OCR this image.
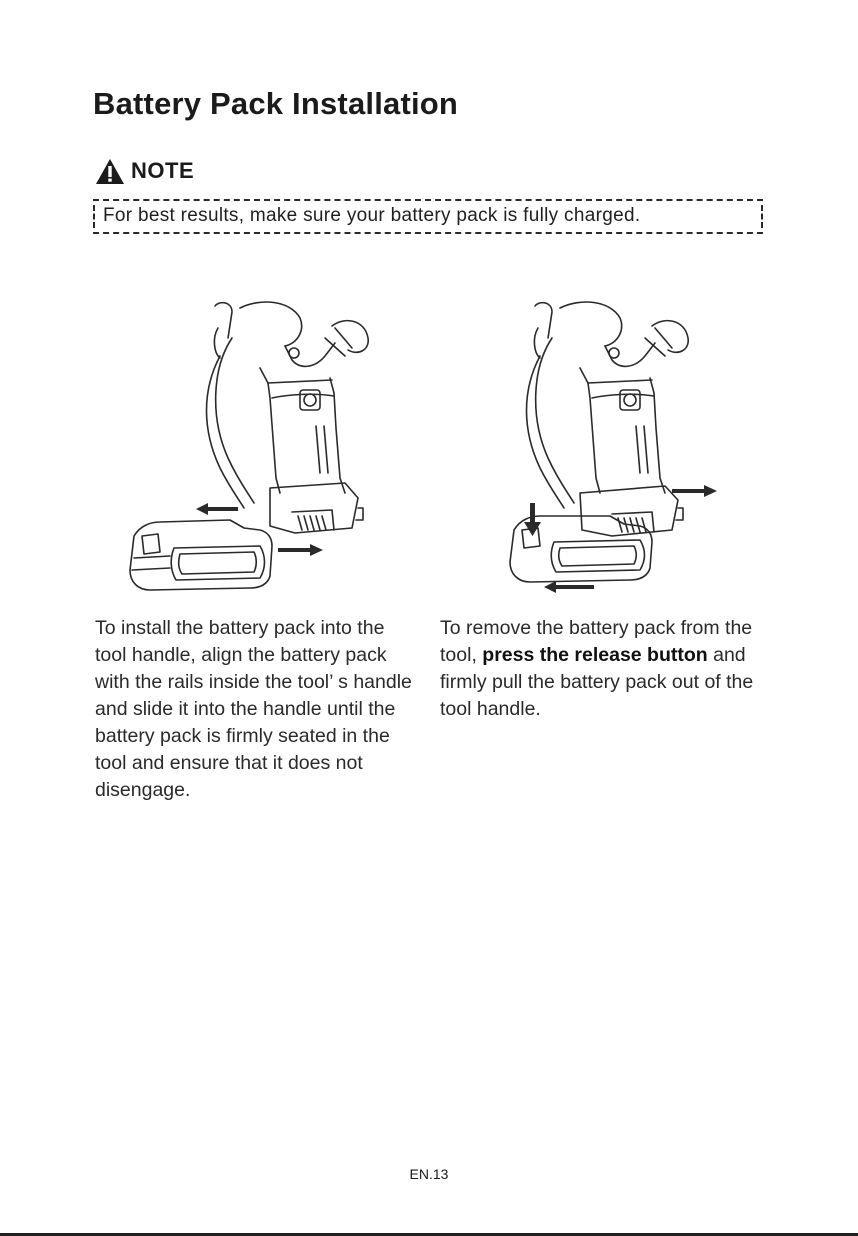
Battery Pack Installation
NOTE
For best results, make sure your battery pack is fully charged.
To install the battery pack into the tool handle, align the battery pack with the rails inside the tool’ s handle and slide it into the handle until the battery pack is firmly seated in the tool and ensure that it does not disengage.
To remove the battery pack from the tool, press the release button and firmly pull the battery pack out of the tool handle.
EN.13
